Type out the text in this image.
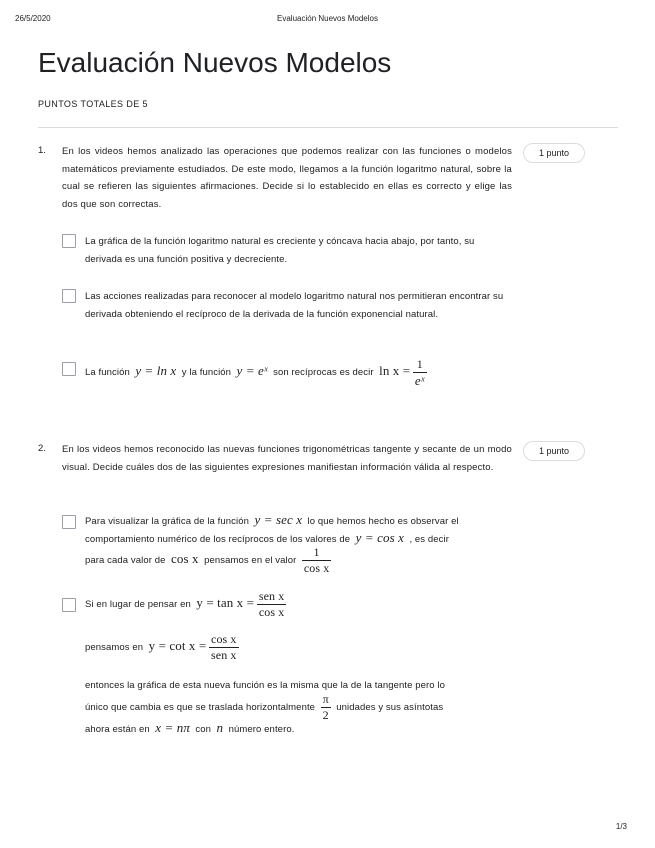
26/5/2020	Evaluación Nuevos Modelos
Evaluación Nuevos Modelos
PUNTOS TOTALES DE 5
1. En los videos hemos analizado las operaciones que podemos realizar con las funciones o modelos matemáticos previamente estudiados. De este modo, llegamos a la función logaritmo natural, sobre la cual se refieren las siguientes afirmaciones. Decide si lo establecido en ellas es correcto y elige las dos que son correctas.
1 punto
La gráfica de la función logaritmo natural es creciente y cóncava hacia abajo, por tanto, su derivada es una función positiva y decreciente.
Las acciones realizadas para reconocer al modelo logaritmo natural nos permitieran encontrar su derivada obteniendo el recíproco de la derivada de la función exponencial natural.
La función y = ln x y la función y = eˣ son recíprocas es decir $\ln x = \frac{1}{\text{eˣ}}$
2. En los videos hemos reconocido las nuevas funciones trigonométricas tangente y secante de un modo visual. Decide cuáles dos de las siguientes expresiones manifiestan información válida al respecto.
1 punto
Para visualizar la gráfica de la función y = sec x lo que hemos hecho es observar el
comportamiento numérico de los recíprocos de los valores de y = cos x , es decir
para cada valor de cos x pensamos en el valor $\frac{1}{\text{cos x}}$
Si en lugar de pensar en $y = \tan x = \frac{\text{sen x}}{\text{cos x}}$
pensamos en $y = \cot x = \frac{\text{cos x}}{\text{sen x}}$
entonces la gráfica de esta nueva función es la misma que la de la tangente pero lo
único que cambia es que se traslada horizontalmente $\frac{\pi}{2}$ unidades y sus asíntotas
ahora están en x = nπ con n número entero.
1/3
